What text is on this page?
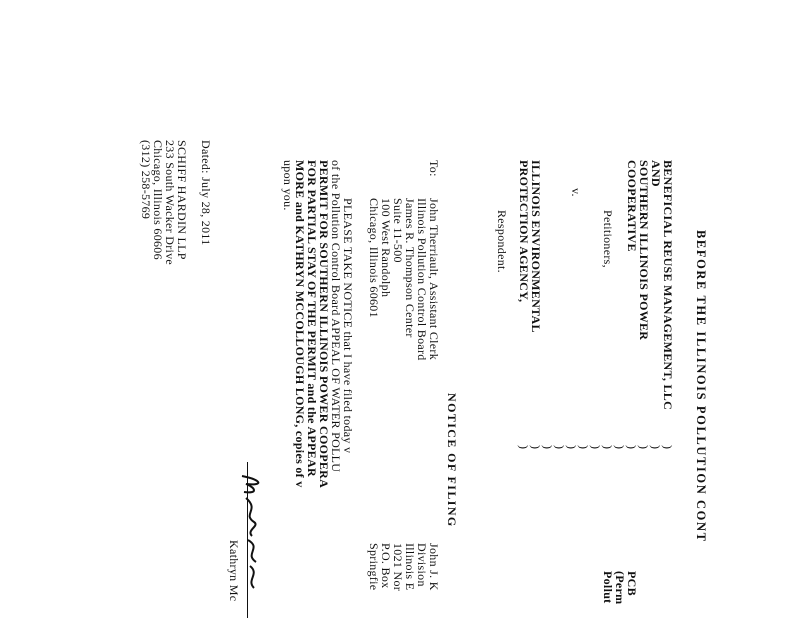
BEFORE THE ILLINOIS POLLUTION CONT
BENEFICIAL REUSE MANAGEMENT, LLC
AND
SOUTHERN ILLINOIS POWER
COOPERATIVE
Petitioners,
v.
ILLINOIS ENVIRONMENTAL
PROTECTION AGENCY,
Respondent.
)
)
)
)
)
)
)
)
)
)
)
)
)
PCB
(Perm
Pollut
NOTICE OF FILING
To:
John Therriault, Assistant Clerk
Illinois Pollution Control Board
James R. Thompson Center
Suite 11-500
100 West Randolph
Chicago, Illinois 60601
John J. K
Division
Illinois E
1021 Nor
P.O. Box
Springfie
PLEASE TAKE NOTICE that I have filed today v
of the Pollution Control Board APPEAL OF WATER POLLU
PERMIT FOR SOUTHERN ILLINOIS POWER COOPERA
FOR PARTIAL STAY OF THE PERMIT and the APPEAR
MORE and KATHRYN MCCOLLOUGH LONG, copies of v
upon you.
Kathryn Mc
Dated: July 28, 2011
SCHIFF HARDIN LLP
233 South Wacker Drive
Chicago, Illinois 60606
(312) 258-5769
